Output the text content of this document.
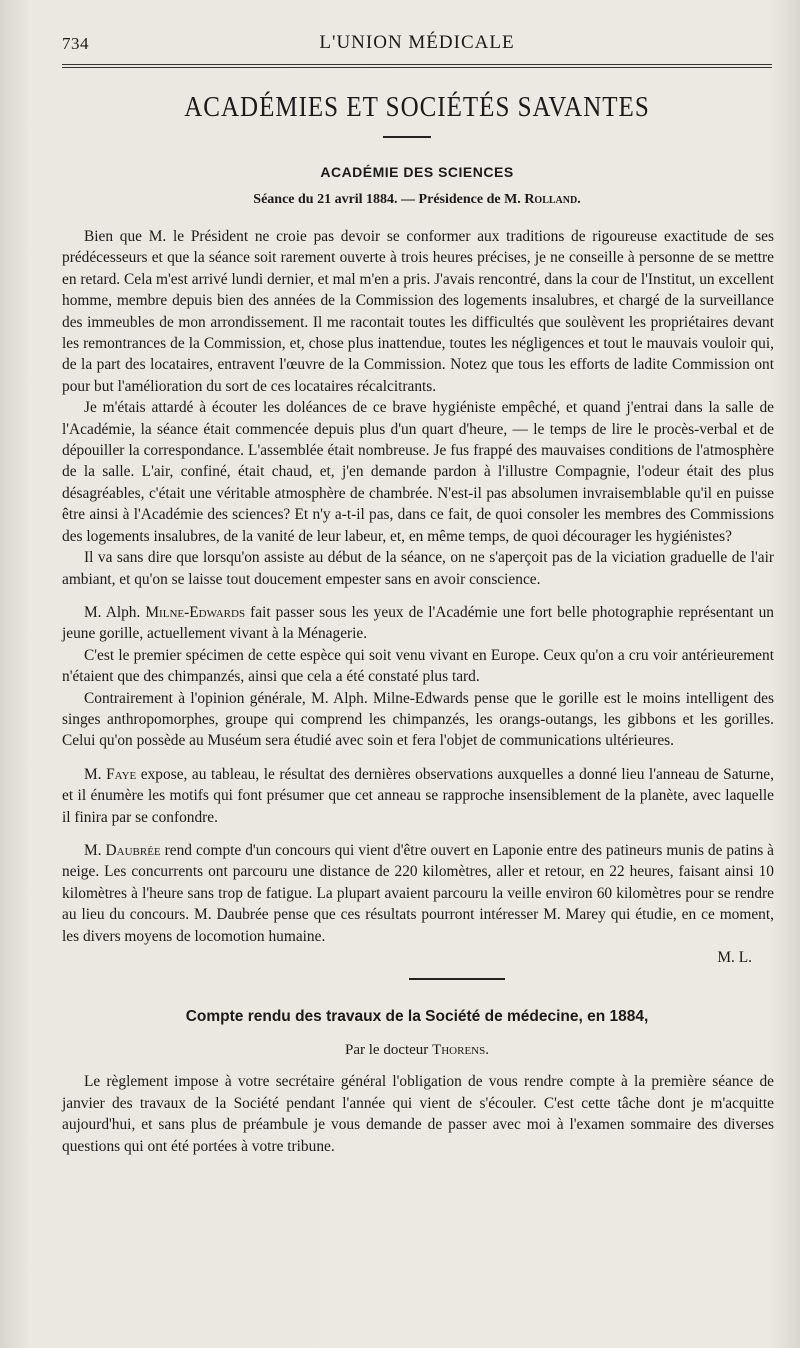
734	L'UNION MÉDICALE
ACADÉMIES ET SOCIÉTÉS SAVANTES
ACADÉMIE DES SCIENCES
Séance du 21 avril 1884. — Présidence de M. Rolland.

Bien que M. le Président ne croie pas devoir se conformer aux traditions de rigoureuse exactitude de ses prédécesseurs et que la séance soit rarement ouverte à trois heures précises, je ne conseille à personne de se mettre en retard. Cela m'est arrivé lundi dernier, et mal m'en a pris. J'avais rencontré, dans la cour de l'Institut, un excellent homme, membre depuis bien des années de la Commission des logements insalubres, et chargé de la surveillance des immeubles de mon arrondissement. Il me racontait toutes les difficultés que soulèvent les propriétaires devant les remontrances de la Commission, et, chose plus inattendue, toutes les négligences et tout le mauvais vouloir qui, de la part des locataires, entravent l'œuvre de la Commission. Notez que tous les efforts de ladite Commission ont pour but l'amélioration du sort de ces locataires récalcitrants.

Je m'étais attardé à écouter les doléances de ce brave hygiéniste empêché, et quand j'entrai dans la salle de l'Académie, la séance était commencée depuis plus d'un quart d'heure, — le temps de lire le procès-verbal et de dépouiller la correspondance. L'assemblée était nombreuse. Je fus frappé des mauvaises conditions de l'atmosphère de la salle. L'air, confiné, était chaud, et, j'en demande pardon à l'illustre Compagnie, l'odeur était des plus désagréables, c'était une véritable atmosphère de chambrée. N'est-il pas absolumen invraisemblable qu'il en puisse être ainsi à l'Académie des sciences? Et n'y a-t-il pas, dans ce fait, de quoi consoler les membres des Commissions des logements insalubres, de la vanité de leur labeur, et, en même temps, de quoi décourager les hygiénistes?

Il va sans dire que lorsqu'on assiste au début de la séance, on ne s'aperçoit pas de la viciation graduelle de l'air ambiant, et qu'on se laisse tout doucement empester sans en avoir conscience.

M. Alph. Milne-Edwards fait passer sous les yeux de l'Académie une fort belle photographie représentant un jeune gorille, actuellement vivant à la Ménagerie.

C'est le premier spécimen de cette espèce qui soit venu vivant en Europe. Ceux qu'on a cru voir antérieurement n'étaient que des chimpanzés, ainsi que cela a été constaté plus tard.

Contrairement à l'opinion générale, M. Alph. Milne-Edwards pense que le gorille est le moins intelligent des singes anthropomorphes, groupe qui comprend les chimpanzés, les orangs-outangs, les gibbons et les gorilles. Celui qu'on possède au Muséum sera étudié avec soin et fera l'objet de communications ultérieures.

M. Faye expose, au tableau, le résultat des dernières observations auxquelles a donné lieu l'anneau de Saturne, et il énumère les motifs qui font présumer que cet anneau se rapproche insensiblement de la planète, avec laquelle il finira par se confondre.

M. Daubrée rend compte d'un concours qui vient d'être ouvert en Laponie entre des patineurs munis de patins à neige. Les concurrents ont parcouru une distance de 220 kilomètres, aller et retour, en 22 heures, faisant ainsi 10 kilomètres à l'heure sans trop de fatigue. La plupart avaient parcouru la veille environ 60 kilomètres pour se rendre au lieu du concours. M. Daubrée pense que ces résultats pourront intéresser M. Marey qui étudie, en ce moment, les divers moyens de locomotion humaine.

M. L.

Compte rendu des travaux de la Société de médecine, en 1884,
Par le docteur Thorens.

Le règlement impose à votre secrétaire général l'obligation de vous rendre compte à la première séance de janvier des travaux de la Société pendant l'année qui vient de s'écouler. C'est cette tâche dont je m'acquitte aujourd'hui, et sans plus de préambule je vous demande de passer avec moi à l'examen sommaire des diverses questions qui ont été portées à votre tribune.
